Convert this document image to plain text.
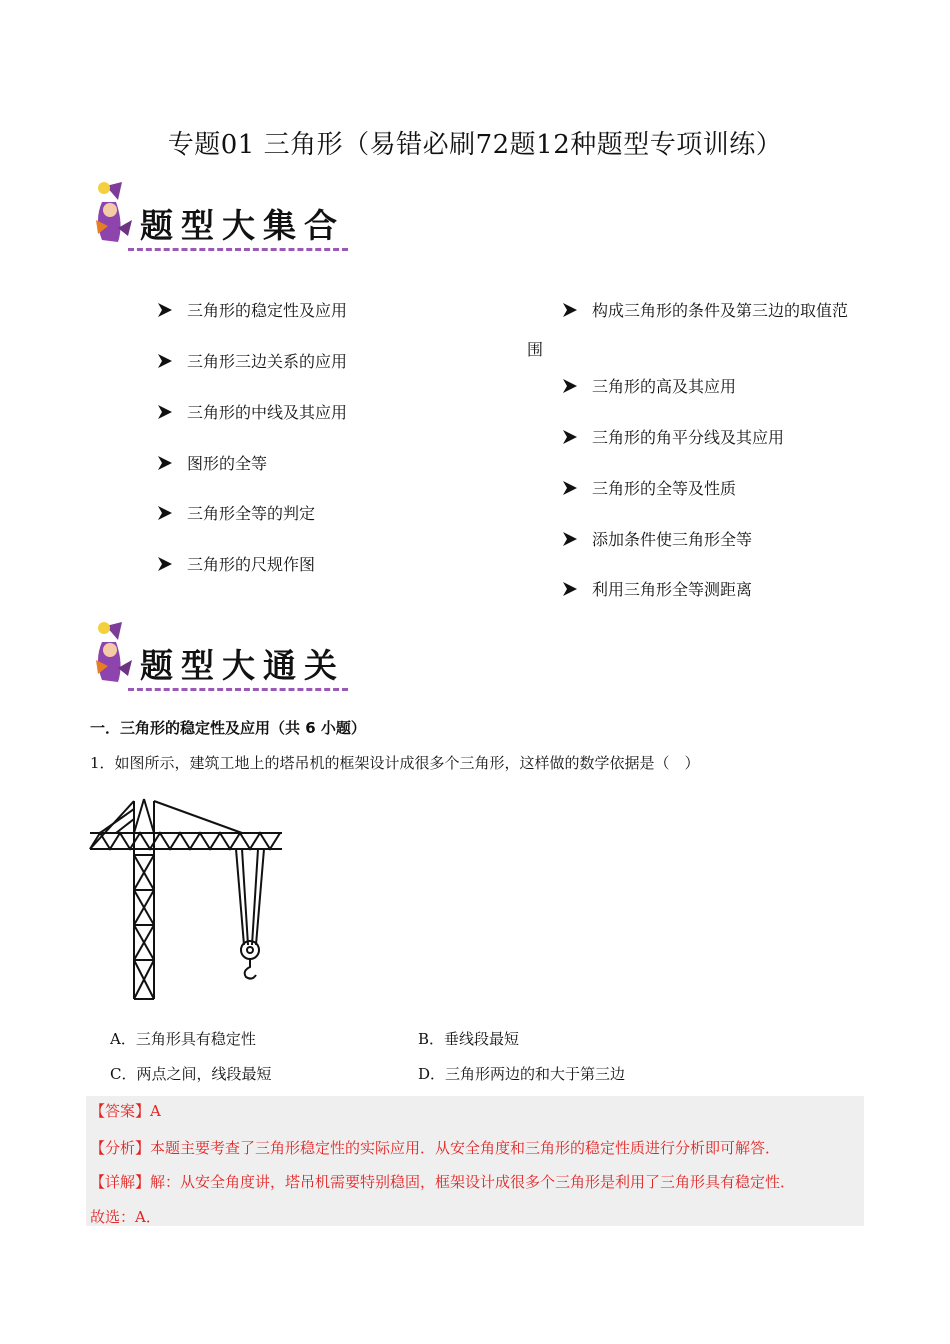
专题01 三角形（易错必刷72题12种题型专项训练）
题型大集合
三角形的稳定性及应用
三角形三边关系的应用
三角形的中线及其应用
图形的全等
三角形全等的判定
三角形的尺规作图
构成三角形的条件及第三边的取值范
围
三角形的高及其应用
三角形的角平分线及其应用
三角形的全等及性质
添加条件使三角形全等
利用三角形全等测距离
题型大通关
一．三角形的稳定性及应用（共 6 小题）
1．如图所示，建筑工地上的塔吊机的框架设计成很多个三角形，这样做的数学依据是（　）
A．三角形具有稳定性	B．垂线段最短
C．两点之间，线段最短	D．三角形两边的和大于第三边
【答案】A
【分析】本题主要考查了三角形稳定性的实际应用．从安全角度和三角形的稳定性质进行分析即可解答．
【详解】解：从安全角度讲，塔吊机需要特别稳固，框架设计成很多个三角形是利用了三角形具有稳定性．
故选：A．
